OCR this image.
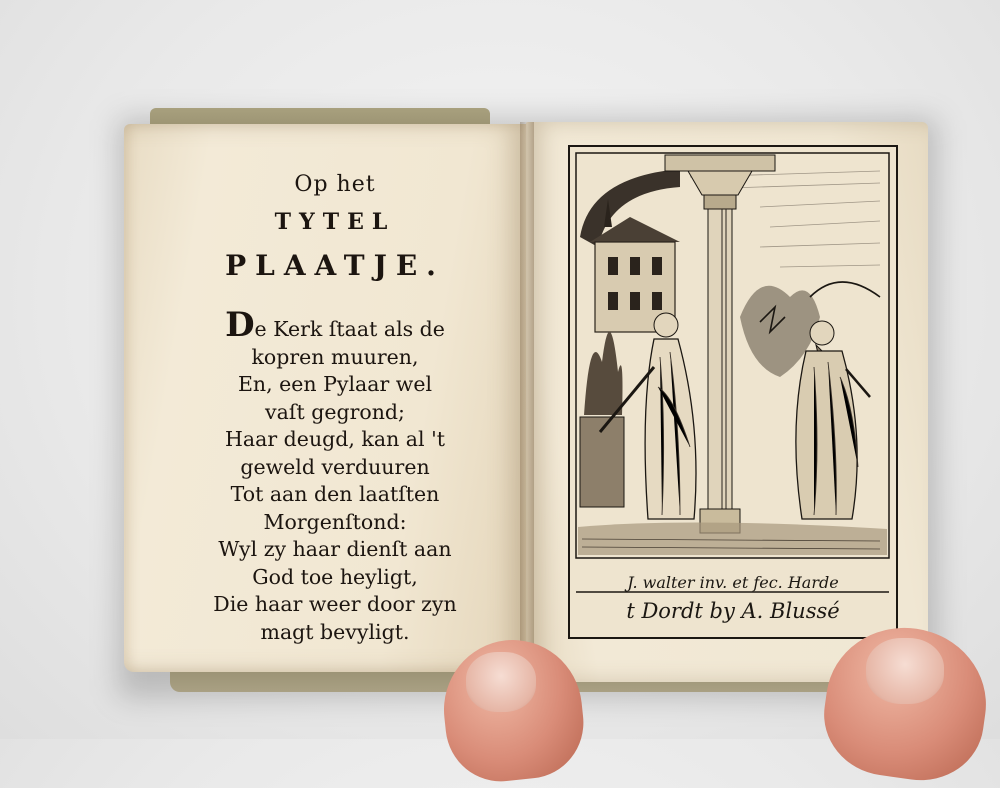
Op het
TYTEL
PLAATJE.
De Kerk ſtaat als de
kopren muuren,
En, een Pylaar wel
vaſt gegrond;
Haar deugd, kan al 't
geweld verduuren
Tot aan den laatſten
Morgenſtond:
Wyl zy haar dienſt aan
God toe heyligt,
Die haar weer door zyn
magt bevyligt.
J. walter inv. et fec. Harde
t Dordt by A. Blussé
